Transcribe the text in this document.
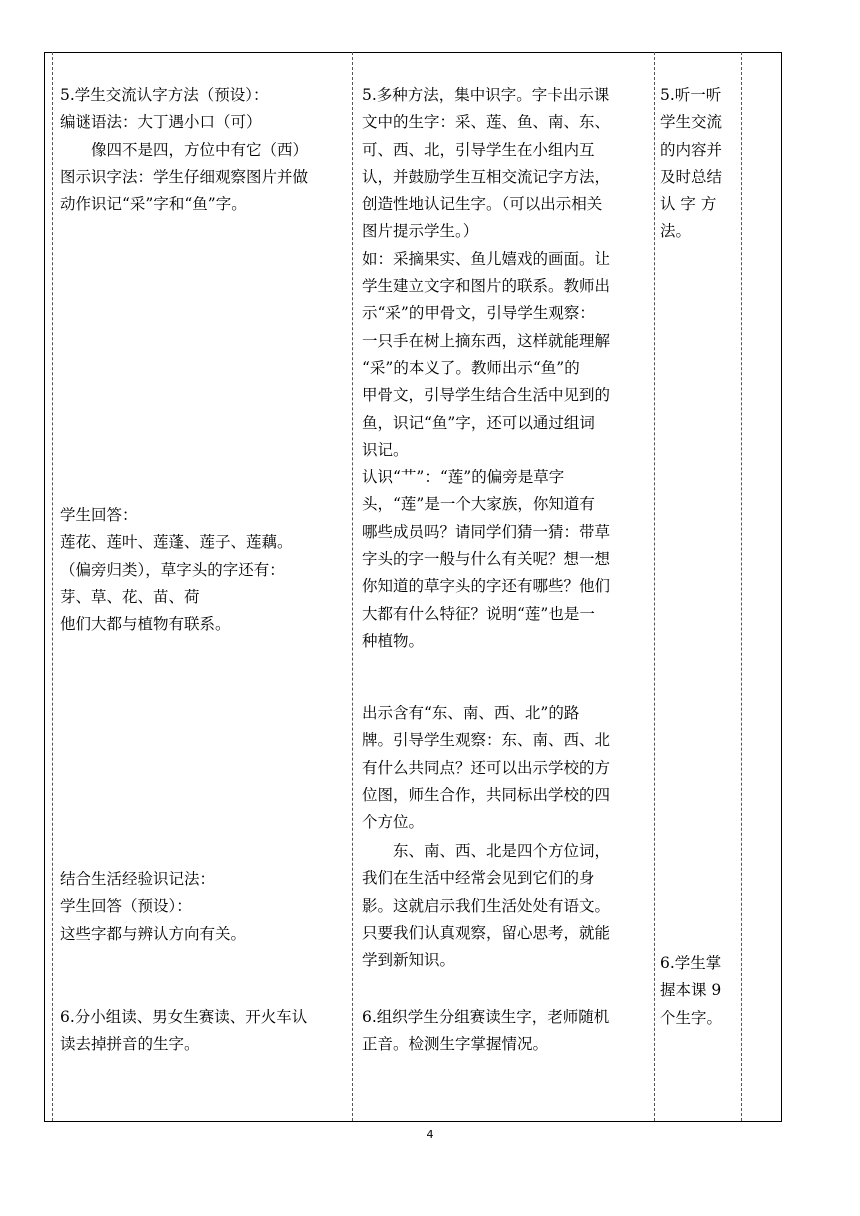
5.学生交流认字方法（预设）：

编谜语法：大丁遇小口（可）

像四不是四，方位中有它（西）

图示识字法：学生仔细观察图片并做

动作识记“采”字和“鱼”字。

学生回答：

莲花、莲叶、莲蓬、莲子、莲藕。

（偏旁归类），草字头的字还有：

芽、草、花、苗、荷

他们大都与植物有联系。

结合生活经验识记法：

学生回答（预设）：

这些字都与辨认方向有关。

6.分小组读、男女生赛读、开火车认

读去掉拼音的生字。

5.多种方法，集中识字。字卡出示课

文中的生字：采、莲、鱼、南、东、

可、西、北，引导学生在小组内互

认，并鼓励学生互相交流记字方法，

创造性地认记生字。（可以出示相关

图片提示学生。）

如：采摘果实、鱼儿嬉戏的画面。让

学生建立文字和图片的联系。教师出

示“采”的甲骨文，引导学生观察：

一只手在树上摘东西，这样就能理解

“采”的本义了。教师出示“鱼”的

甲骨文，引导学生结合生活中见到的

鱼，识记“鱼”字，还可以通过组词

识记。

认识“艹”：“莲”的偏旁是草字

头，“莲”是一个大家族，你知道有

哪些成员吗？请同学们猜一猜：带草

字头的字一般与什么有关呢？想一想

你知道的草字头的字还有哪些？他们

大都有什么特征？说明“莲”也是一

种植物。

出示含有“东、南、西、北”的路

牌。引导学生观察：东、南、西、北

有什么共同点？还可以出示学校的方

位图，师生合作，共同标出学校的四

个方位。

东、南、西、北是四个方位词，

我们在生活中经常会见到它们的身

影。这就启示我们生活处处有语文。

只要我们认真观察，留心思考，就能

学到新知识。

6.组织学生分组赛读生字，老师随机

正音。检测生字掌握情况。

5.听一听

学生交流

的内容并

及时总结

认 字 方

法。

6.学生掌

握本课 9

个生字。

4
